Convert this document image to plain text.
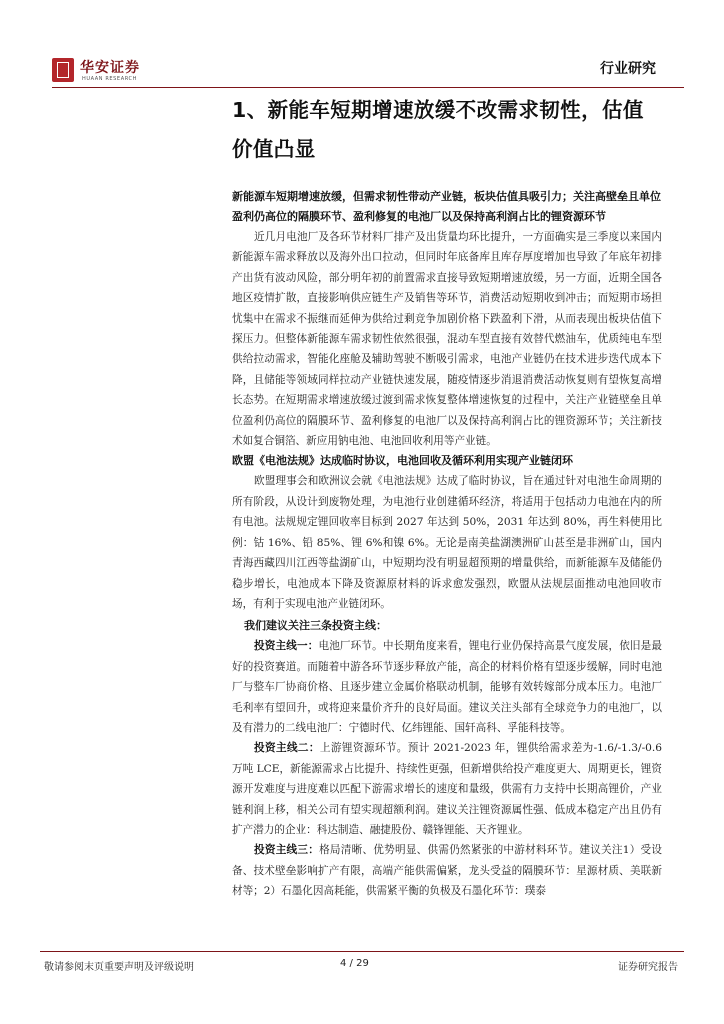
华安证券
HUAAN RESEARCH
行业研究
1、新能车短期增速放缓不改需求韧性，估值价值凸显

新能源车短期增速放缓，但需求韧性带动产业链，板块估值具吸引力；关注高壁垒且单位盈利仍高位的隔膜环节、盈利修复的电池厂以及保持高利润占比的锂资源环节

近几月电池厂及各环节材料厂排产及出货量均环比提升，一方面确实是三季度以来国内新能源车需求释放以及海外出口拉动，但同时年底备库且库存厚度增加也导致了年底年初排产出货有波动风险，部分明年初的前置需求直接导致短期增速放缓，另一方面，近期全国各地区疫情扩散，直接影响供应链生产及销售等环节，消费活动短期收到冲击；而短期市场担忧集中在需求不振继而延伸为供给过剩竞争加剧价格下跌盈利下滑，从而表现出板块估值下探压力。但整体新能源车需求韧性依然很强，混动车型直接有效替代燃油车，优质纯电车型供给拉动需求，智能化座舱及辅助驾驶不断吸引需求，电池产业链仍在技术进步迭代成本下降，且储能等领域同样拉动产业链快速发展，随疫情逐步消退消费活动恢复则有望恢复高增长态势。在短期需求增速放缓过渡到需求恢复整体增速恢复的过程中，关注产业链壁垒且单位盈利仍高位的隔膜环节、盈利修复的电池厂以及保持高利润占比的锂资源环节；关注新技术如复合铜箔、新应用钠电池、电池回收利用等产业链。

欧盟《电池法规》达成临时协议，电池回收及循环利用实现产业链闭环

欧盟理事会和欧洲议会就《电池法规》达成了临时协议，旨在通过针对电池生命周期的所有阶段，从设计到废物处理，为电池行业创建循环经济，将适用于包括动力电池在内的所有电池。法规规定锂回收率目标到 2027 年达到 50%，2031 年达到 80%，再生料使用比例：钴 16%、铅 85%、锂 6%和镍 6%。无论是南美盐湖澳洲矿山甚至是非洲矿山，国内青海西藏四川江西等盐湖矿山，中短期均没有明显超预期的增量供给，而新能源车及储能仍稳步增长，电池成本下降及资源原材料的诉求愈发强烈，欧盟从法规层面推动电池回收市场，有利于实现电池产业链闭环。

我们建议关注三条投资主线：

投资主线一：电池厂环节。中长期角度来看，锂电行业仍保持高景气度发展，依旧是最好的投资赛道。而随着中游各环节逐步释放产能，高企的材料价格有望逐步缓解，同时电池厂与整车厂协商价格、且逐步建立金属价格联动机制，能够有效转嫁部分成本压力。电池厂毛利率有望回升，或将迎来量价齐升的良好局面。建议关注头部有全球竞争力的电池厂，以及有潜力的二线电池厂：宁德时代、亿纬锂能、国轩高科、孚能科技等。

投资主线二：上游锂资源环节。预计 2021-2023 年，锂供给需求差为-1.6/-1.3/-0.6 万吨 LCE，新能源需求占比提升、持续性更强，但新增供给投产难度更大、周期更长，锂资源开发难度与进度难以匹配下游需求增长的速度和量级，供需有力支持中长期高锂价，产业链利润上移，相关公司有望实现超额利润。建议关注锂资源属性强、低成本稳定产出且仍有扩产潜力的企业：科达制造、融捷股份、赣锋锂能、天齐锂业。

投资主线三：格局清晰、优势明显、供需仍然紧张的中游材料环节。建议关注1）受设备、技术壁垒影响扩产有限，高端产能供需偏紧，龙头受益的隔膜环节：星源材质、美联新材等；2）石墨化因高耗能，供需紧平衡的负极及石墨化环节：璞泰

敬请参阅末页重要声明及评级说明	4 / 29	证券研究报告
